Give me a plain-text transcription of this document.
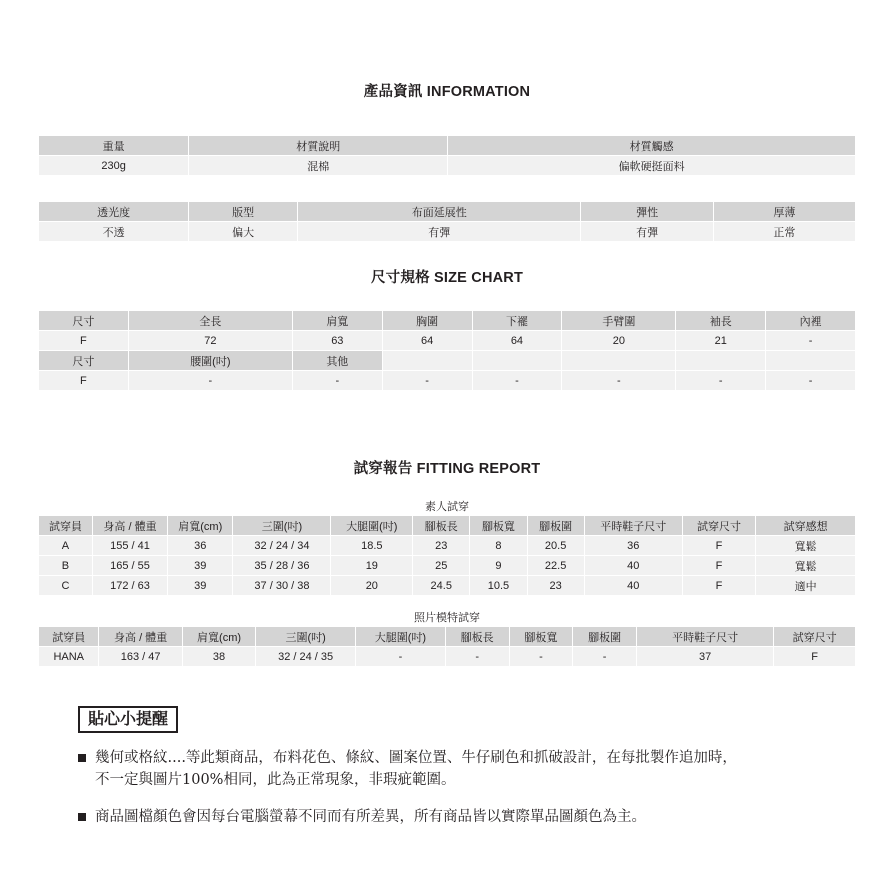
產品資訊 INFORMATION
重量	材質說明	材質觸感
230g	混棉	偏軟硬挺面料
透光度	版型	布面延展性	彈性	厚薄
不透	偏大	有彈	有彈	正常
尺寸規格 SIZE CHART
尺寸	全長	肩寬	胸圍	下襬	手臂圍	袖長	內裡
F	72	63	64	64	20	21	-
尺寸	腰圍(吋)	其他					
F	-	-	-	-	-	-	-
試穿報告 FITTING REPORT
素人試穿
試穿員	身高 / 體重	肩寬(cm)	三圍(吋)	大腿圍(吋)	腳板長	腳板寬	腳板圍	平時鞋子尺寸	試穿尺寸	試穿感想
A	155 / 41	36	32 / 24 / 34	18.5	23	8	20.5	36	F	寬鬆
B	165 / 55	39	35 / 28 / 36	19	25	9	22.5	40	F	寬鬆
C	172 / 63	39	37 / 30 / 38	20	24.5	10.5	23	40	F	適中
照片模特試穿
試穿員	身高 / 體重	肩寬(cm)	三圍(吋)	大腿圍(吋)	腳板長	腳板寬	腳板圍	平時鞋子尺寸	試穿尺寸
HANA	163 / 47	38	32 / 24 / 35	-	-	-	-	37	F
貼心小提醒
幾何或格紋....等此類商品，布料花色、條紋、圖案位置、牛仔刷色和抓破設計，在每批製作追加時，
不一定與圖片100%相同，此為正常現象，非瑕疵範圍。
商品圖檔顏色會因每台電腦螢幕不同而有所差異，所有商品皆以實際單品圖顏色為主。
